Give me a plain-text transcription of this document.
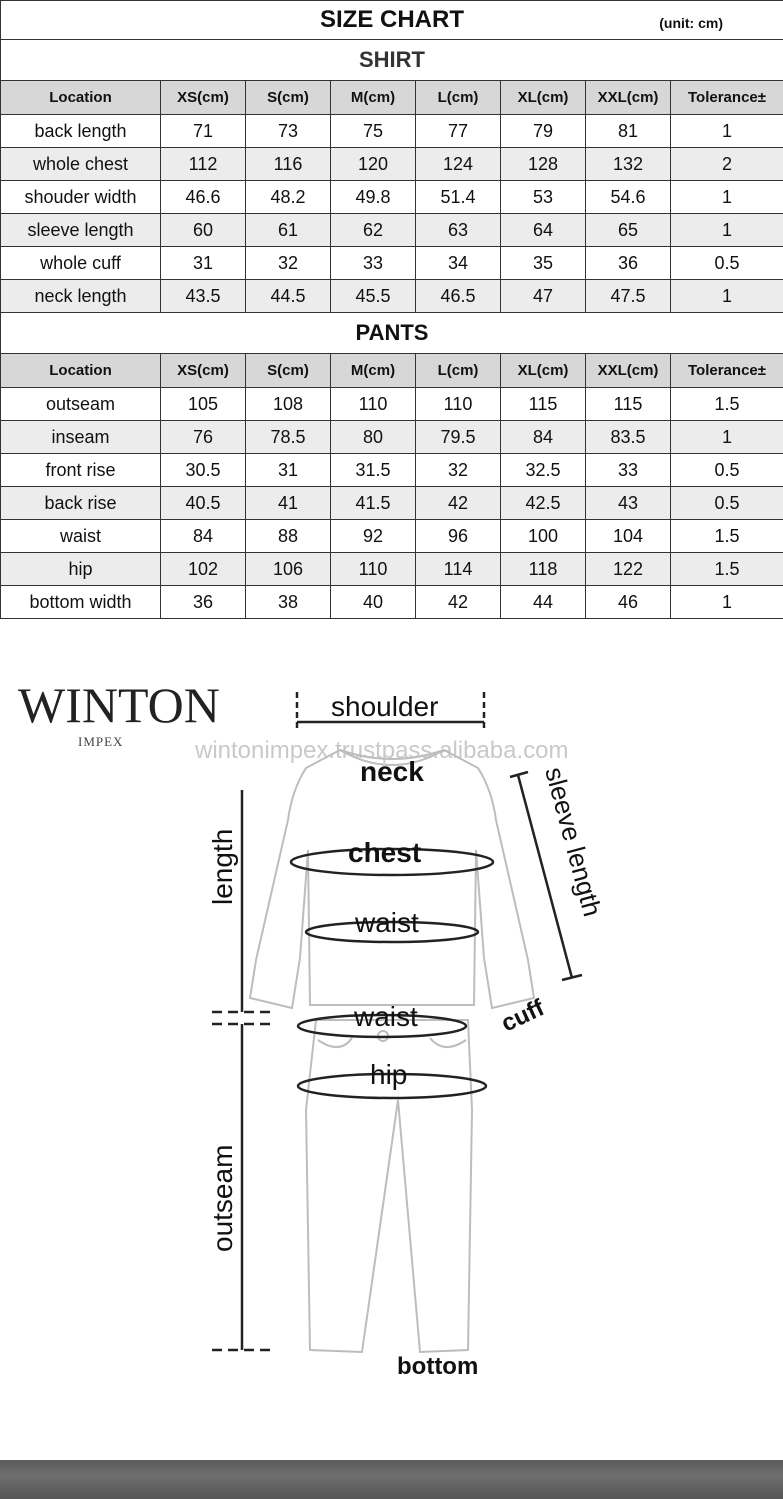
SIZE CHART (unit: cm)							

SHIRT							
Location	XS(cm)	S(cm)	M(cm)	L(cm)	XL(cm)	XXL(cm)	Tolerance±
back length	71	73	75	77	79	81	1
whole chest	112	116	120	124	128	132	2
shouder width	46.6	48.2	49.8	51.4	53	54.6	1
sleeve length	60	61	62	63	64	65	1
whole cuff	31	32	33	34	35	36	0.5
neck length	43.5	44.5	45.5	46.5	47	47.5	1
PANTS							
Location	XS(cm)	S(cm)	M(cm)	L(cm)	XL(cm)	XXL(cm)	Tolerance±
outseam	105	108	110	110	115	115	1.5
inseam	76	78.5	80	79.5	84	83.5	1
front rise	30.5	31	31.5	32	32.5	33	0.5
back rise	40.5	41	41.5	42	42.5	43	0.5
waist	84	88	92	96	100	104	1.5
hip	102	106	110	114	118	122	1.5
bottom width	36	38	40	42	44	46	1
WINTON
IMPEX	wintonimpex.trustpass.alibaba.com
shoulder
neck
chest
waist
length	sleeve length
cuff
waist
hip
outseam
bottom
